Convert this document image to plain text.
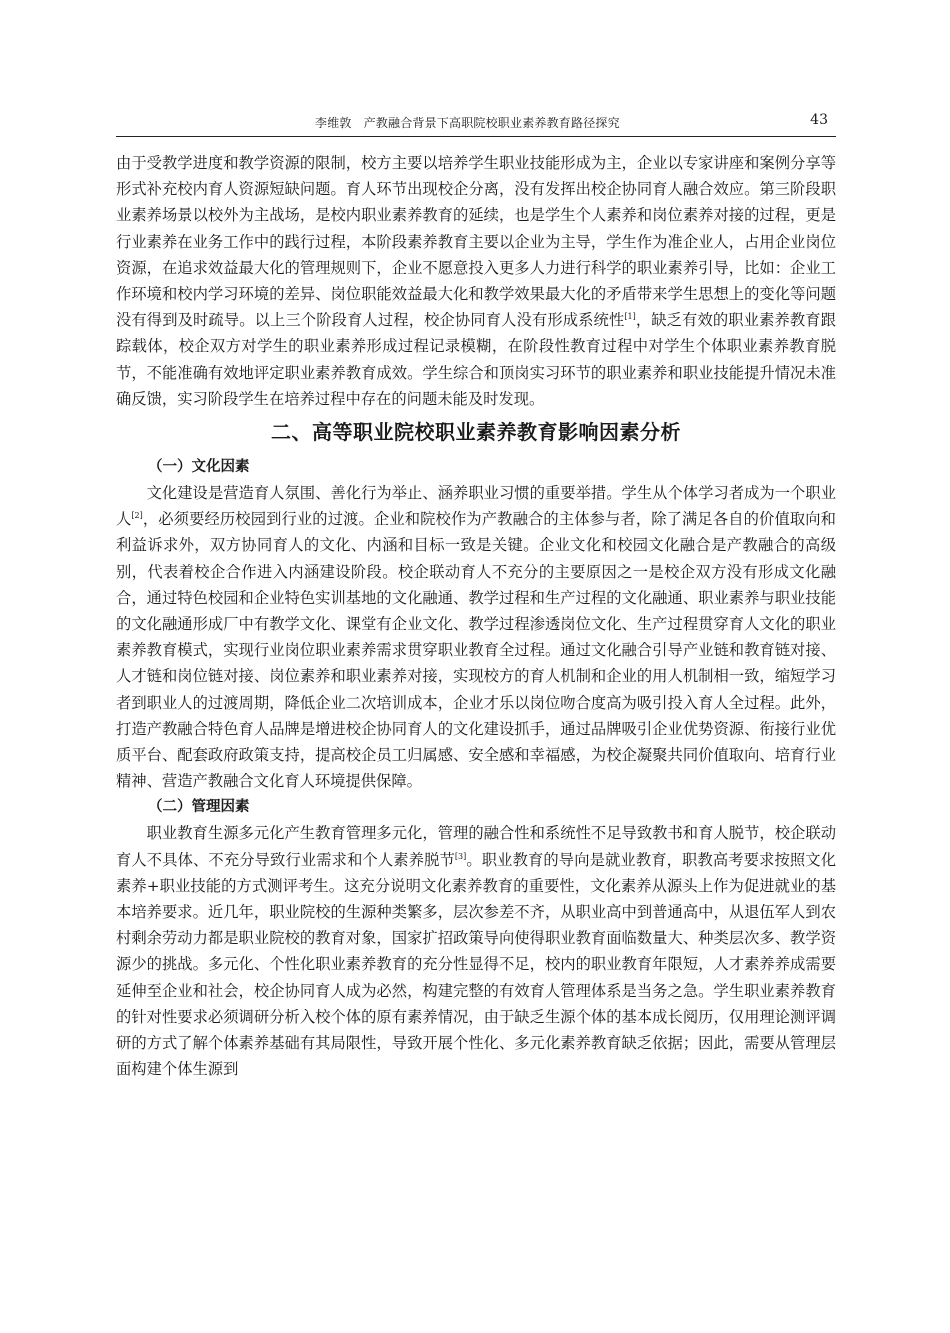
李维敦 产教融合背景下高职院校职业素养教育路径探究	43

由于受教学进度和教学资源的限制，校方主要以培养学生职业技能形成为主，企业以专家讲座和案例分享等形式补充校内育人资源短缺问题。育人环节出现校企分离，没有发挥出校企协同育人融合效应。第三阶段职业素养场景以校外为主战场，是校内职业素养教育的延续，也是学生个人素养和岗位素养对接的过程，更是行业素养在业务工作中的践行过程，本阶段素养教育主要以企业为主导，学生作为准企业人，占用企业岗位资源，在追求效益最大化的管理规则下，企业不愿意投入更多人力进行科学的职业素养引导，比如：企业工作环境和校内学习环境的差异、岗位职能效益最大化和教学效果最大化的矛盾带来学生思想上的变化等问题没有得到及时疏导。以上三个阶段育人过程，校企协同育人没有形成系统性[1]，缺乏有效的职业素养教育跟踪载体，校企双方对学生的职业素养形成过程记录模糊，在阶段性教育过程中对学生个体职业素养教育脱节，不能准确有效地评定职业素养教育成效。学生综合和顶岗实习环节的职业素养和职业技能提升情况未准确反馈，实习阶段学生在培养过程中存在的问题未能及时发现。

二、高等职业院校职业素养教育影响因素分析
（一）文化因素

文化建设是营造育人氛围、善化行为举止、涵养职业习惯的重要举措。学生从个体学习者成为一个职业人[2]，必须要经历校园到行业的过渡。企业和院校作为产教融合的主体参与者，除了满足各自的价值取向和利益诉求外，双方协同育人的文化、内涵和目标一致是关键。企业文化和校园文化融合是产教融合的高级别，代表着校企合作进入内涵建设阶段。校企联动育人不充分的主要原因之一是校企双方没有形成文化融合，通过特色校园和企业特色实训基地的文化融通、教学过程和生产过程的文化融通、职业素养与职业技能的文化融通形成厂中有教学文化、课堂有企业文化、教学过程渗透岗位文化、生产过程贯穿育人文化的职业素养教育模式，实现行业岗位职业素养需求贯穿职业教育全过程。通过文化融合引导产业链和教育链对接、人才链和岗位链对接、岗位素养和职业素养对接，实现校方的育人机制和企业的用人机制相一致，缩短学习者到职业人的过渡周期，降低企业二次培训成本，企业才乐以岗位吻合度高为吸引投入育人全过程。此外，打造产教融合特色育人品牌是增进校企协同育人的文化建设抓手，通过品牌吸引企业优势资源、衔接行业优质平台、配套政府政策支持，提高校企员工归属感、安全感和幸福感，为校企凝聚共同价值取向、培育行业精神、营造产教融合文化育人环境提供保障。

（二）管理因素

职业教育生源多元化产生教育管理多元化，管理的融合性和系统性不足导致教书和育人脱节，校企联动育人不具体、不充分导致行业需求和个人素养脱节[3]。职业教育的导向是就业教育，职教高考要求按照文化素养+职业技能的方式测评考生。这充分说明文化素养教育的重要性，文化素养从源头上作为促进就业的基本培养要求。近几年，职业院校的生源种类繁多，层次参差不齐，从职业高中到普通高中，从退伍军人到农村剩余劳动力都是职业院校的教育对象，国家扩招政策导向使得职业教育面临数量大、种类层次多、教学资源少的挑战。多元化、个性化职业素养教育的充分性显得不足，校内的职业教育年限短，人才素养养成需要延伸至企业和社会，校企协同育人成为必然，构建完整的有效育人管理体系是当务之急。学生职业素养教育的针对性要求必须调研分析入校个体的原有素养情况，由于缺乏生源个体的基本成长阅历，仅用理论测评调研的方式了解个体素养基础有其局限性，导致开展个性化、多元化素养教育缺乏依据；因此，需要从管理层面构建个体生源到
